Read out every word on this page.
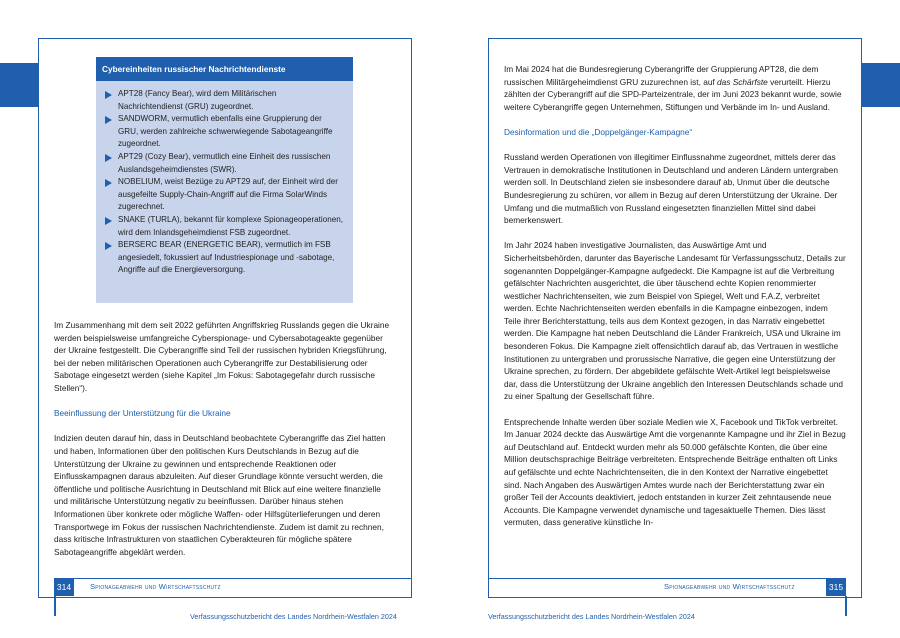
Cybereinheiten russischer Nachrichtendienste
APT28 (Fancy Bear), wird dem Militärischen Nachrichtendienst (GRU) zugeordnet.
SANDWORM, vermutlich ebenfalls eine Gruppierung der GRU, werden zahlreiche schwerwiegende Sabotageangriffe zugeordnet.
APT29 (Cozy Bear), vermutlich eine Einheit des russischen Auslandsgeheimdienstes (SWR).
NOBELIUM, weist Bezüge zu APT29 auf, der Einheit wird der ausgefeilte Supply-Chain-Angriff auf die Firma SolarWinds zugerechnet.
SNAKE (TURLA), bekannt für komplexe Spionageoperationen, wird dem Inlandsgeheimdienst FSB zugeordnet.
BERSERC BEAR (ENERGETIC BEAR), vermutlich im FSB angesiedelt, fokussiert auf Industriespionage und -sabotage, Angriffe auf die Energieversorgung.

Im Zusammenhang mit dem seit 2022 geführten Angriffskrieg Russlands gegen die Ukraine werden beispielsweise umfangreiche Cyberspionage- und Cybersabotageakte gegenüber der Ukraine festgestellt. Die Cyberangriffe sind Teil der russischen hybriden Kriegsführung, bei der neben militärischen Operationen auch Cyberangriffe zur Destabilisierung oder Sabotage eingesetzt werden (siehe Kapitel „Im Fokus: Sabotagegefahr durch russische Stellen“).

Beeinflussung der Unterstützung für die Ukraine

Indizien deuten darauf hin, dass in Deutschland beobachtete Cyberangriffe das Ziel hatten und haben, Informationen über den politischen Kurs Deutschlands in Bezug auf die Unterstützung der Ukraine zu gewinnen und entsprechende Reaktionen oder Einflusskampagnen daraus abzuleiten. Auf dieser Grundlage könnte versucht werden, die öffentliche und politische Ausrichtung in Deutschland mit Blick auf eine weitere finanzielle und militärische Unterstützung negativ zu beeinflussen. Darüber hinaus stehen Informationen über konkrete oder mögliche Waffen- oder Hilfsgüterlieferungen und deren Transportwege im Fokus der russischen Nachrichtendienste. Zudem ist damit zu rechnen, dass kritische Infrastrukturen von staatlichen Cyberakteuren für mögliche spätere Sabotageangriffe abgeklärt werden.

314	Spionageabwehr und Wirtschaftsschutz
Verfassungsschutzbericht des Landes Nordrhein-Westfalen 2024

Im Mai 2024 hat die Bundesregierung Cyberangriffe der Gruppierung APT28, die dem russischen Militärgeheimdienst GRU zuzurechnen ist, auf das Schärfste verurteilt. Hierzu zählten der Cyberangriff auf die SPD-Parteizentrale, der im Juni 2023 bekannt wurde, sowie weitere Cyberangriffe gegen Unternehmen, Stiftungen und Verbände im In- und Ausland.

Desinformation und die „Doppelgänger-Kampagne“

Russland werden Operationen von illegitimer Einflussnahme zugeordnet, mittels derer das Vertrauen in demokratische Institutionen in Deutschland und anderen Ländern untergraben werden soll. In Deutschland zielen sie insbesondere darauf ab, Unmut über die deutsche Bundesregierung zu schüren, vor allem in Bezug auf deren Unterstützung der Ukraine. Der Umfang und die mutmaßlich von Russland eingesetzten finanziellen Mittel sind dabei bemerkenswert.

Im Jahr 2024 haben investigative Journalisten, das Auswärtige Amt und Sicherheitsbehörden, darunter das Bayerische Landesamt für Verfassungsschutz, Details zur sogenannten Doppelgänger-Kampagne aufgedeckt. Die Kampagne ist auf die Verbreitung gefälschter Nachrichten ausgerichtet, die über täuschend echte Kopien renommierter westlicher Nachrichtenseiten, wie zum Beispiel von Spiegel, Welt und F.A.Z, verbreitet werden. Echte Nachrichtenseiten werden ebenfalls in die Kampagne einbezogen, indem Teile ihrer Berichterstattung, teils aus dem Kontext gezogen, in das Narrativ eingebettet werden. Die Kampagne hat neben Deutschland die Länder Frankreich, USA und Ukraine im besonderen Fokus. Die Kampagne zielt offensichtlich darauf ab, das Vertrauen in westliche Institutionen zu untergraben und prorussische Narrative, die gegen eine Unterstützung der Ukraine sprechen, zu fördern. Der abgebildete gefälschte Welt-Artikel legt beispielsweise dar, dass die Unterstützung der Ukraine angeblich den Interessen Deutschlands schade und zu einer Spaltung der Gesellschaft führe.

Entsprechende Inhalte werden über soziale Medien wie X, Facebook und TikTok verbreitet. Im Januar 2024 deckte das Auswärtige Amt die vorgenannte Kampagne und ihr Ziel in Bezug auf Deutschland auf. Entdeckt wurden mehr als 50.000 gefälschte Konten, die über eine Million deutschsprachige Beiträge verbreiteten. Entsprechende Beiträge enthalten oft Links auf gefälschte und echte Nachrichtenseiten, die in den Kontext der Narrative eingebettet sind. Nach Angaben des Auswärtigen Amtes wurde nach der Berichterstattung zwar ein großer Teil der Accounts deaktiviert, jedoch entstanden in kurzer Zeit zehntausende neue Accounts. Die Kampagne verwendet dynamische und tagesaktuelle Themen. Dies lässt vermuten, dass generative künstliche In-

315
Spionageabwehr und Wirtschaftsschutz
Verfassungsschutzbericht des Landes Nordrhein-Westfalen 2024
